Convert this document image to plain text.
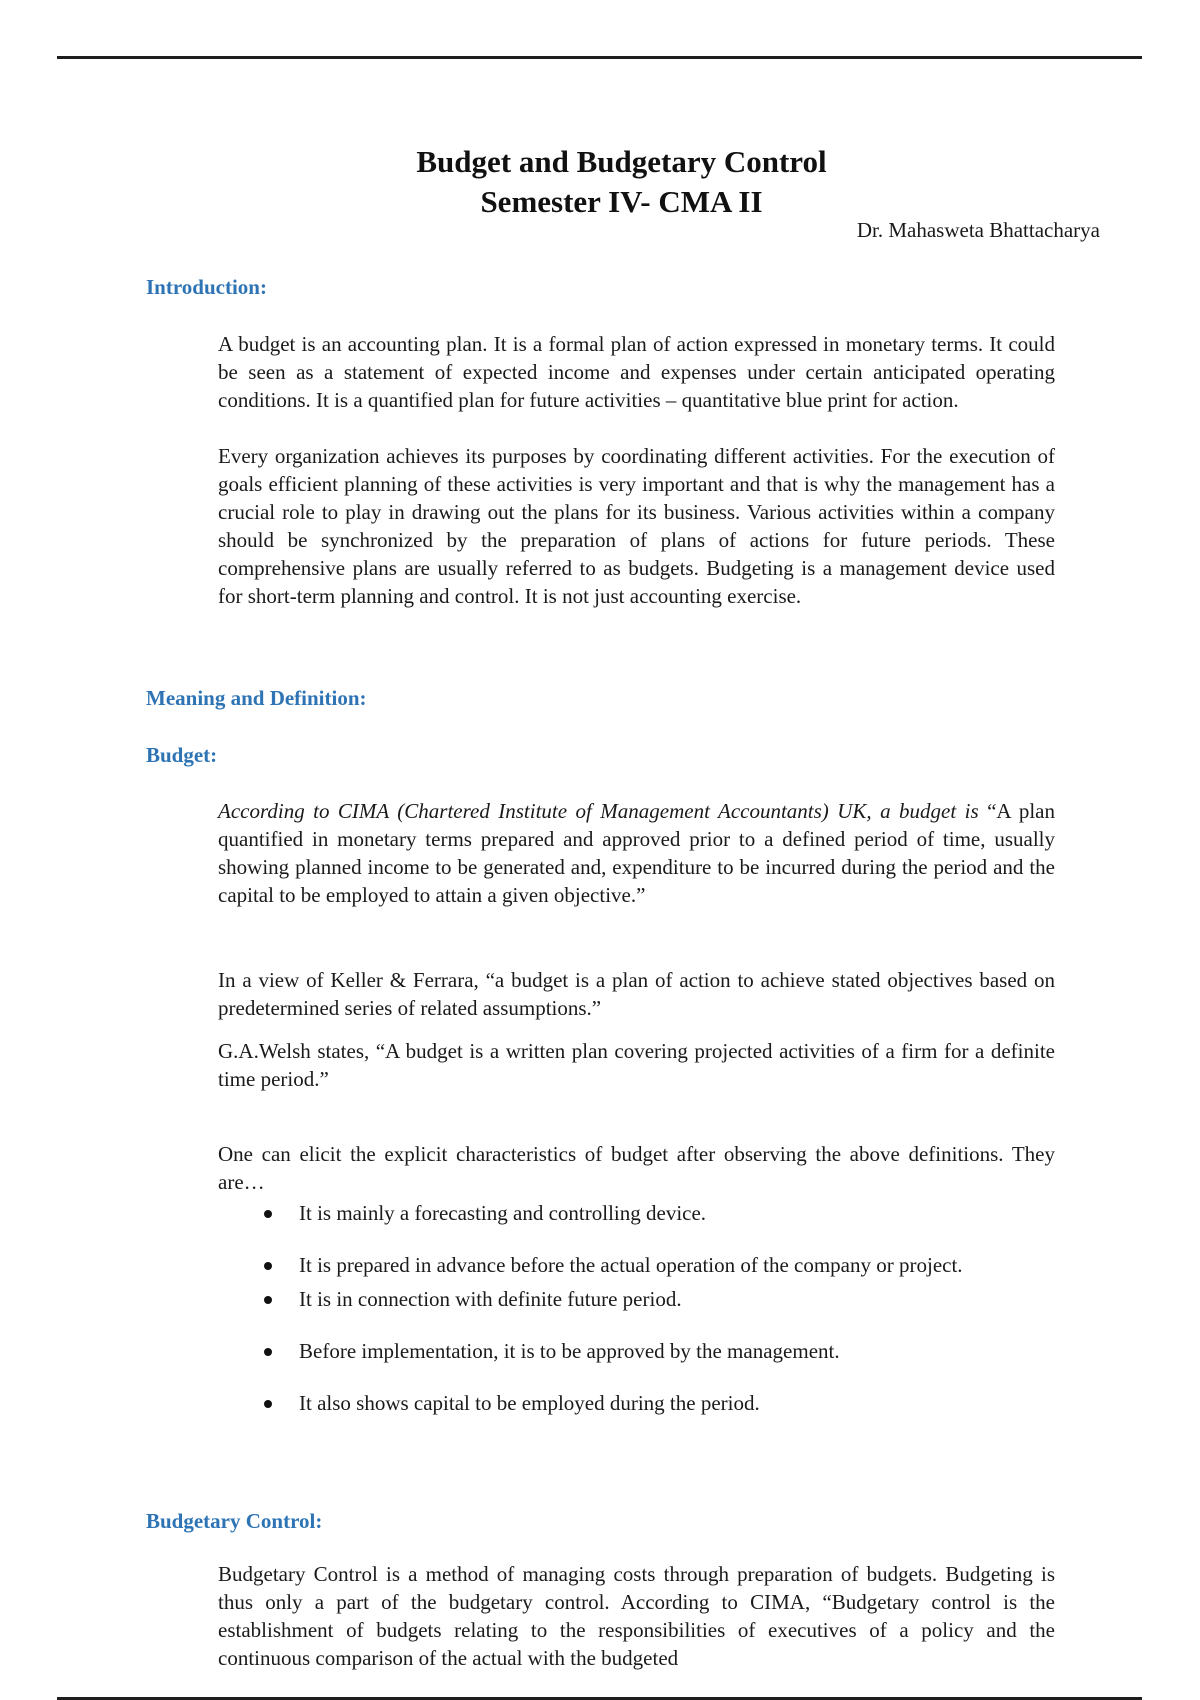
Budget and Budgetary Control
Semester IV- CMA II
Dr. Mahasweta Bhattacharya
Introduction:

A budget is an accounting plan. It is a formal plan of action expressed in monetary terms. It could be seen as a statement of expected income and expenses under certain anticipated operating conditions. It is a quantified plan for future activities – quantitative blue print for action.

Every organization achieves its purposes by coordinating different activities. For the execution of goals efficient planning of these activities is very important and that is why the management has a crucial role to play in drawing out the plans for its business. Various activities within a company should be synchronized by the preparation of plans of actions for future periods. These comprehensive plans are usually referred to as budgets. Budgeting is a management device used for short-term planning and control. It is not just accounting exercise.

Meaning and Definition:
Budget:

According to CIMA (Chartered Institute of Management Accountants) UK, a budget is “A plan quantified in monetary terms prepared and approved prior to a defined period of time, usually showing planned income to be generated and, expenditure to be incurred during the period and the capital to be employed to attain a given objective.”

In a view of Keller & Ferrara, “a budget is a plan of action to achieve stated objectives based on predetermined series of related assumptions.”

G.A.Welsh states, “A budget is a written plan covering projected activities of a firm for a definite time period.”

One can elicit the explicit characteristics of budget after observing the above definitions. They are…

It is mainly a forecasting and controlling device.
It is prepared in advance before the actual operation of the company or project.
It is in connection with definite future period.
Before implementation, it is to be approved by the management.
It also shows capital to be employed during the period.
Budgetary Control:

Budgetary Control is a method of managing costs through preparation of budgets. Budgeting is thus only a part of the budgetary control. According to CIMA, “Budgetary control is the establishment of budgets relating to the responsibilities of executives of a policy and the continuous comparison of the actual with the budgeted
